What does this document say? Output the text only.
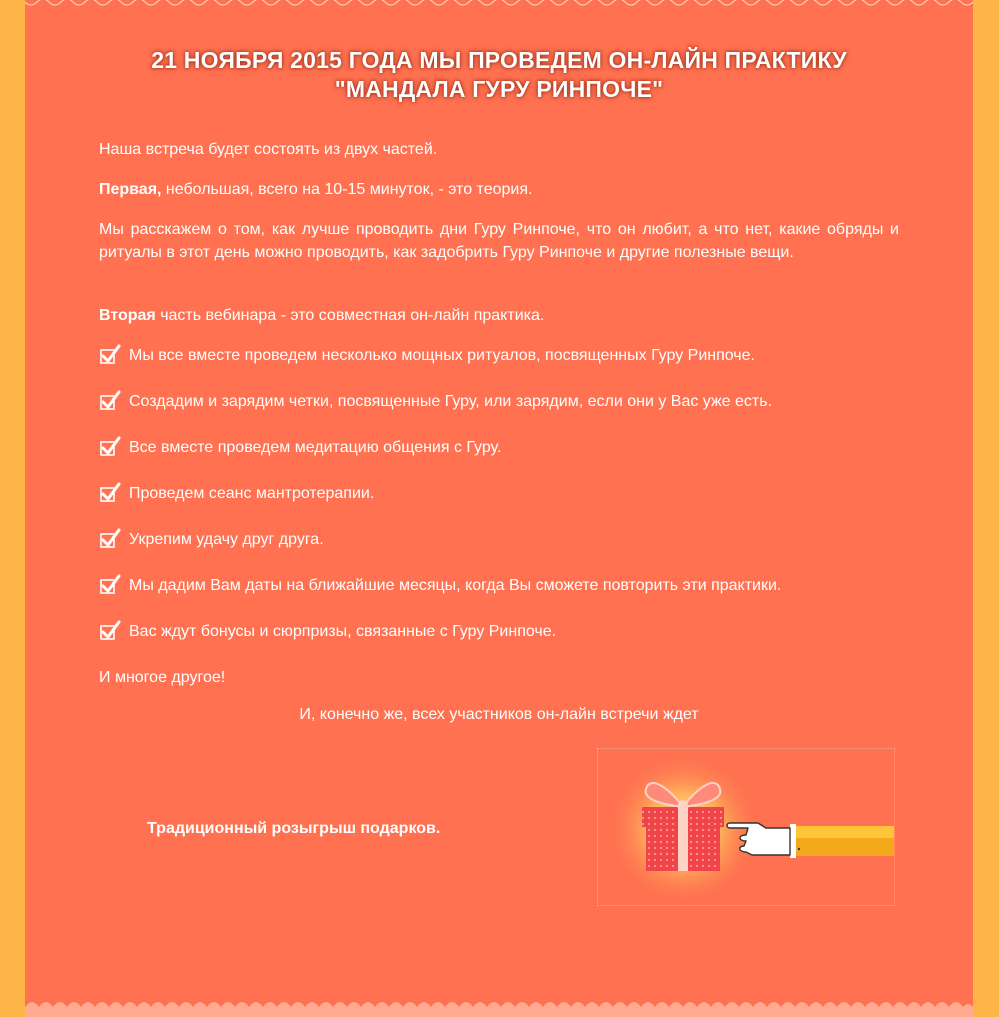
21 НОЯБРЯ 2015 ГОДА МЫ ПРОВЕДЕМ ОН-ЛАЙН ПРАКТИКУ
"МАНДАЛА ГУРУ РИНПОЧЕ"

Наша встреча будет состоять из двух частей.

Первая, небольшая, всего на 10-15 минуток, - это теория.

Мы расскажем о том, как лучше проводить дни Гуру Ринпоче, что он любит, а что нет, какие обряды и ритуалы в этот день можно проводить, как задобрить Гуру Ринпоче и другие полезные вещи.

Вторая часть вебинара - это совместная он-лайн практика.

Мы все вместе проведем несколько мощных ритуалов, посвященных Гуру Ринпоче.
Создадим и зарядим четки, посвященные Гуру, или зарядим, если они у Вас уже есть.
Все вместе проведем медитацию общения с Гуру.
Проведем сеанс мантротерапии.
Укрепим удачу друг друга.
Мы дадим Вам даты на ближайшие месяцы, когда Вы сможете повторить эти практики.
Вас ждут бонусы и сюрпризы, связанные с Гуру Ринпоче.

И многое другое!

И, конечно же, всех участников он-лайн встречи ждет
Традиционный розыгрыш подарков.
